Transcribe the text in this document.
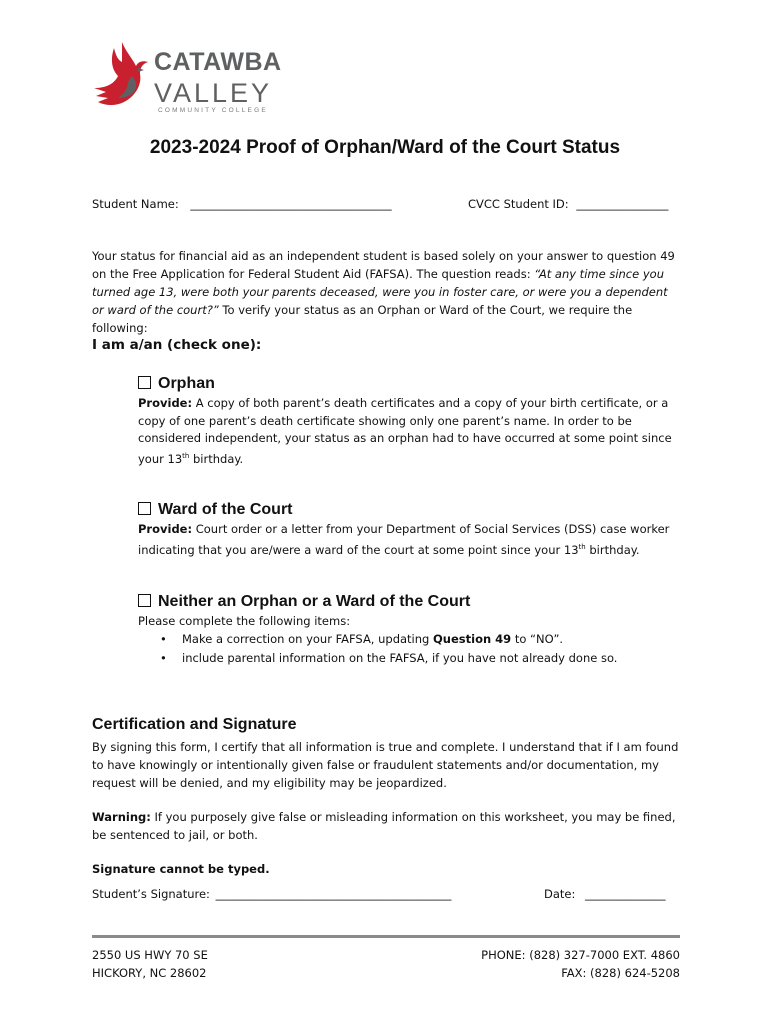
CATAWBA
VALLEY
COMMUNITY COLLEGE
2023-2024 Proof of Orphan/Ward of the Court Status
Student Name: ___________________________________	CVCC Student ID: ________________
Your status for financial aid as an independent student is based solely on your answer to question 49 on the Free Application for Federal Student Aid (FAFSA). The question reads: “At any time since you turned age 13, were both your parents deceased, were you in foster care, or were you a dependent or ward of the court?” To verify your status as an Orphan or Ward of the Court, we require the following:
I am a/an (check one):
Orphan
Provide: A copy of both parent’s death certificates and a copy of your birth certificate, or a copy of one parent’s death certificate showing only one parent’s name. In order to be considered independent, your status as an orphan had to have occurred at some point since your 13th birthday.
Ward of the Court
Provide: Court order or a letter from your Department of Social Services (DSS) case worker indicating that you are/were a ward of the court at some point since your 13th birthday.
Neither an Orphan or a Ward of the Court
Please complete the following items:
• Make a correction on your FAFSA, updating Question 49 to “NO”.
• include parental information on the FAFSA, if you have not already done so.
Certification and Signature
By signing this form, I certify that all information is true and complete. I understand that if I am found to have knowingly or intentionally given false or fraudulent statements and/or documentation, my request will be denied, and my eligibility may be jeopardized.
Warning: If you purposely give false or misleading information on this worksheet, you may be fined, be sentenced to jail, or both.
Signature cannot be typed.
Student’s Signature: _________________________________________	Date: ______________
2550 US HWY 70 SE
HICKORY, NC 28602
PHONE: (828) 327-7000 EXT. 4860
FAX: (828) 624-5208
